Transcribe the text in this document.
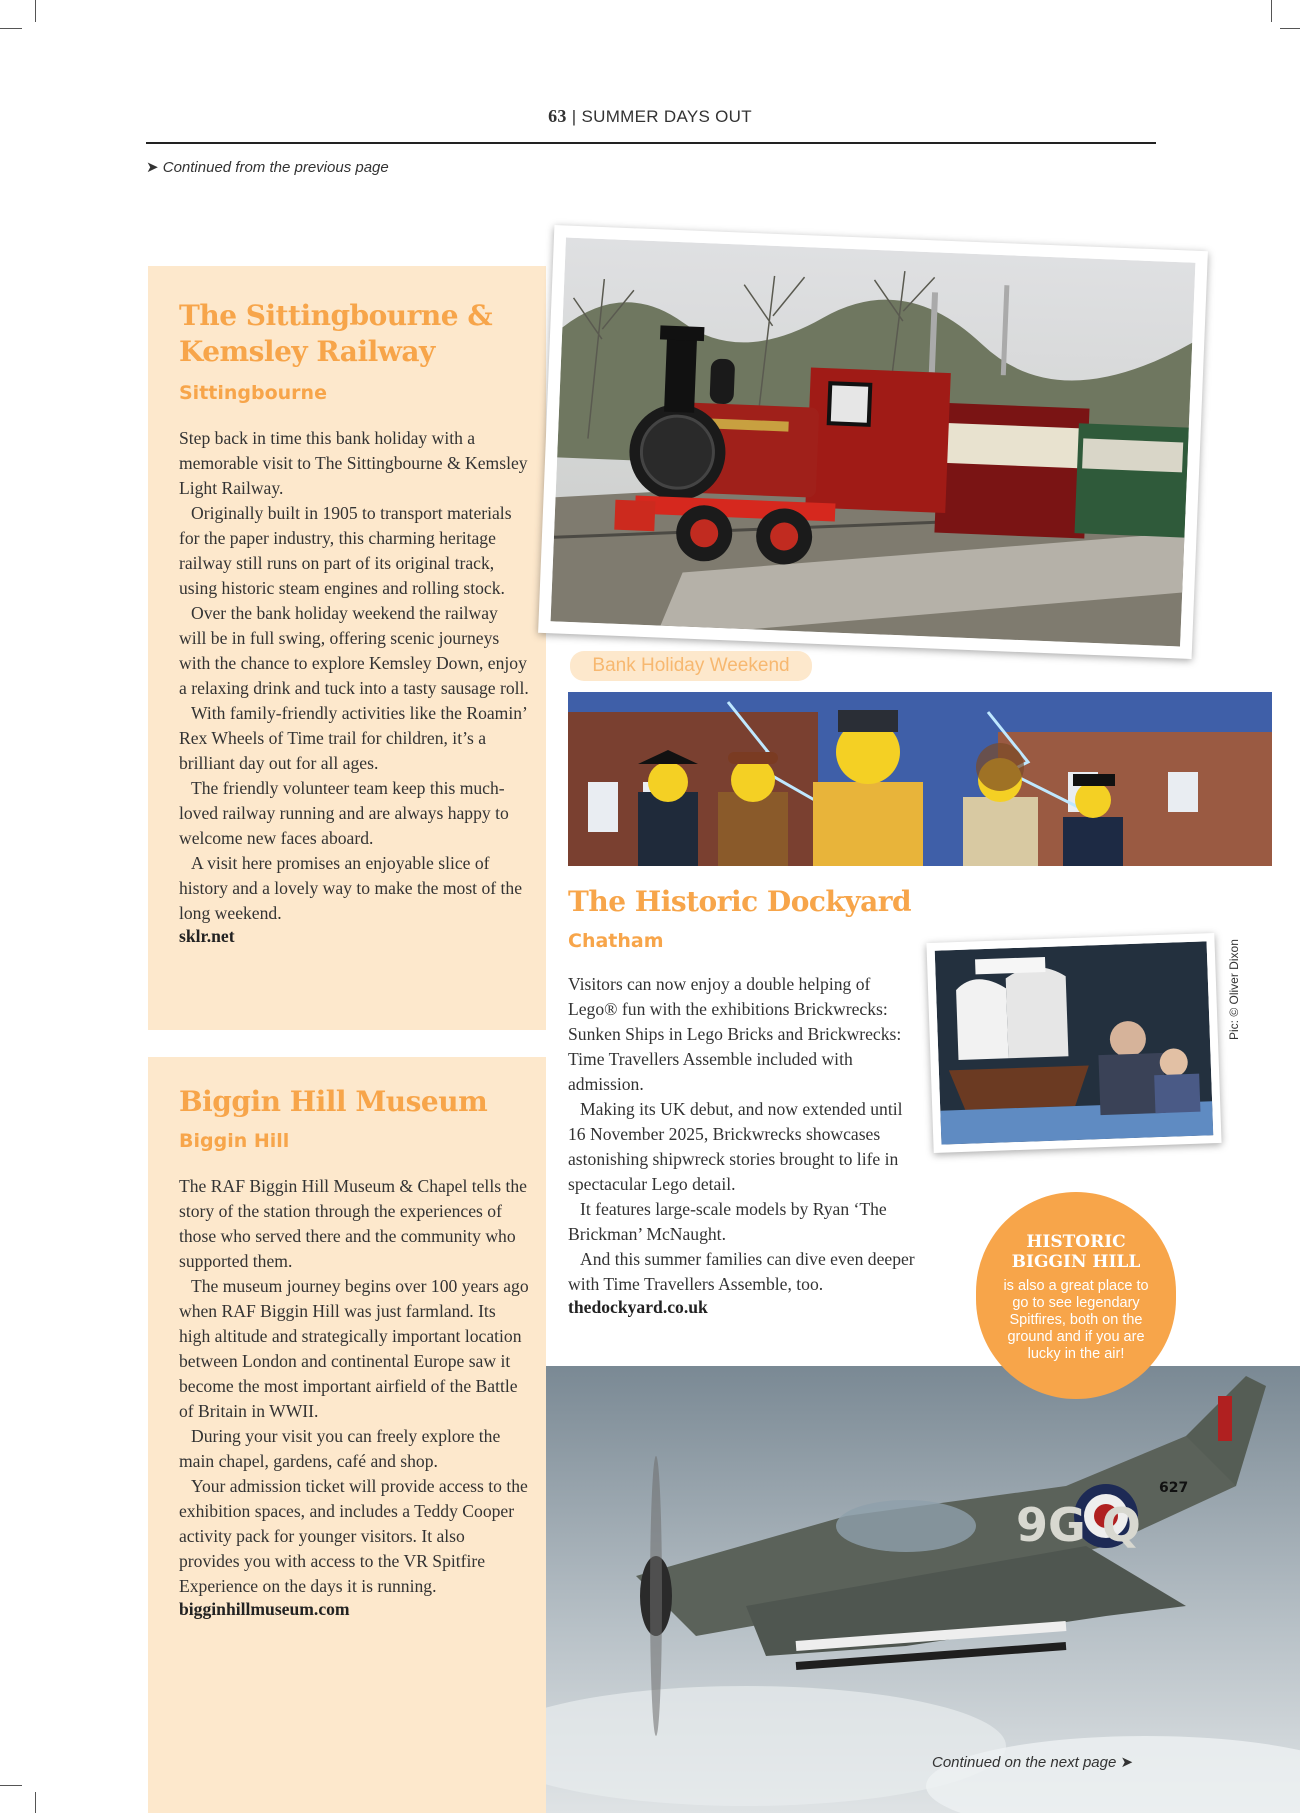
63 | SUMMER DAYS OUT
➤ Continued from the previous page
The Sittingbourne &
Kemsley Railway
Sittingbourne

Step back in time this bank holiday with a memorable visit to The Sittingbourne & Kemsley Light Railway.

Originally built in 1905 to transport materials for the paper industry, this charming heritage railway still runs on part of its original track, using historic steam engines and rolling stock.

Over the bank holiday weekend the railway will be in full swing, offering scenic journeys with the chance to explore Kemsley Down, enjoy a relaxing drink and tuck into a tasty sausage roll.

With family-friendly activities like the Roamin’ Rex Wheels of Time trail for children, it’s a brilliant day out for all ages.

The friendly volunteer team keep this much-loved railway running and are always happy to welcome new faces aboard.

A visit here promises an enjoyable slice of history and a lovely way to make the most of the long weekend.

sklr.net
Biggin Hill Museum
Biggin Hill

The RAF Biggin Hill Museum & Chapel tells the story of the station through the experiences of those who served there and the community who supported them.

The museum journey begins over 100 years ago when RAF Biggin Hill was just farmland. Its high altitude and strategically important location between London and continental Europe saw it become the most important airfield of the Battle of Britain in WWII.

During your visit you can freely explore the main chapel, gardens, café and shop.

Your admission ticket will provide access to the exhibition spaces, and includes a Teddy Cooper activity pack for younger visitors. It also provides you with access to the VR Spitfire Experience on the days it is running.

bigginhillmuseum.com
Bank Holiday Weekend
The Historic Dockyard
Chatham

Visitors can now enjoy a double helping of Lego® fun with the exhibitions Brickwrecks: Sunken Ships in Lego Bricks and Brickwrecks: Time Travellers Assemble included with admission.

Making its UK debut, and now extended until 16 November 2025, Brickwrecks showcases astonishing shipwreck stories brought to life in spectacular Lego detail.

It features large-scale models by Ryan ‘The Brickman’ McNaught.

And this summer families can dive even deeper with Time Travellers Assemble, too.

thedockyard.co.uk
Pic: © Oliver Dixon
9G Q
627
HISTORIC
BIGGIN HILL
is also a great place to go to see legendary Spitfires, both on the ground and if you are lucky in the air!
Continued on the next page ➤
